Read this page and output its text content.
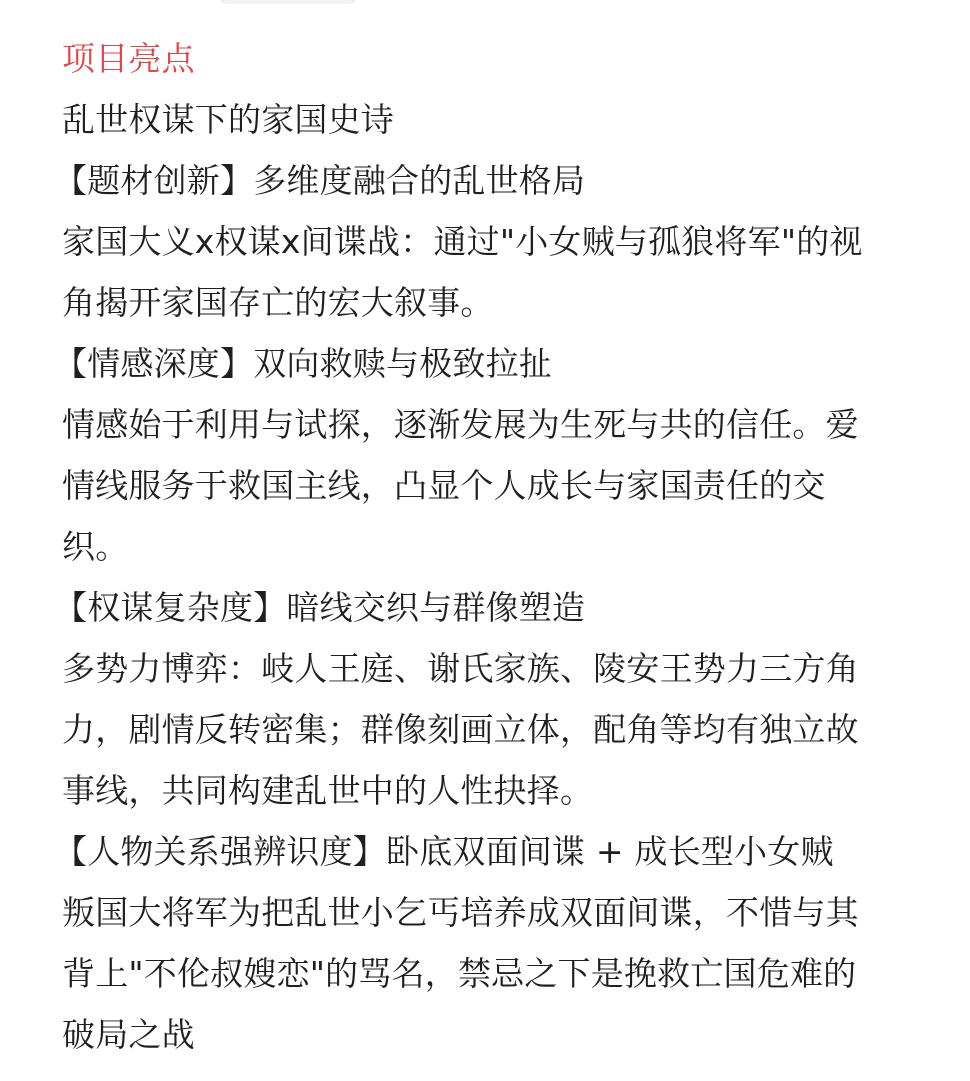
项目亮点
乱世权谋下的家国史诗
【题材创新】多维度融合的乱世格局
家国大义x权谋x间谍战：通过"小女贼与孤狼将军"的视
角揭开家国存亡的宏大叙事。
【情感深度】双向救赎与极致拉扯
情感始于利用与试探，逐渐发展为生死与共的信任。爱
情线服务于救国主线，凸显个人成长与家国责任的交
织。
【权谋复杂度】暗线交织与群像塑造
多势力博弈：岐人王庭、谢氏家族、陵安王势力三方角
力，剧情反转密集；群像刻画立体，配角等均有独立故
事线，共同构建乱世中的人性抉择。
【人物关系强辨识度】卧底双面间谍 + 成长型小女贼
叛国大将军为把乱世小乞丐培养成双面间谍，不惜与其
背上"不伦叔嫂恋"的骂名，禁忌之下是挽救亡国危难的
破局之战
